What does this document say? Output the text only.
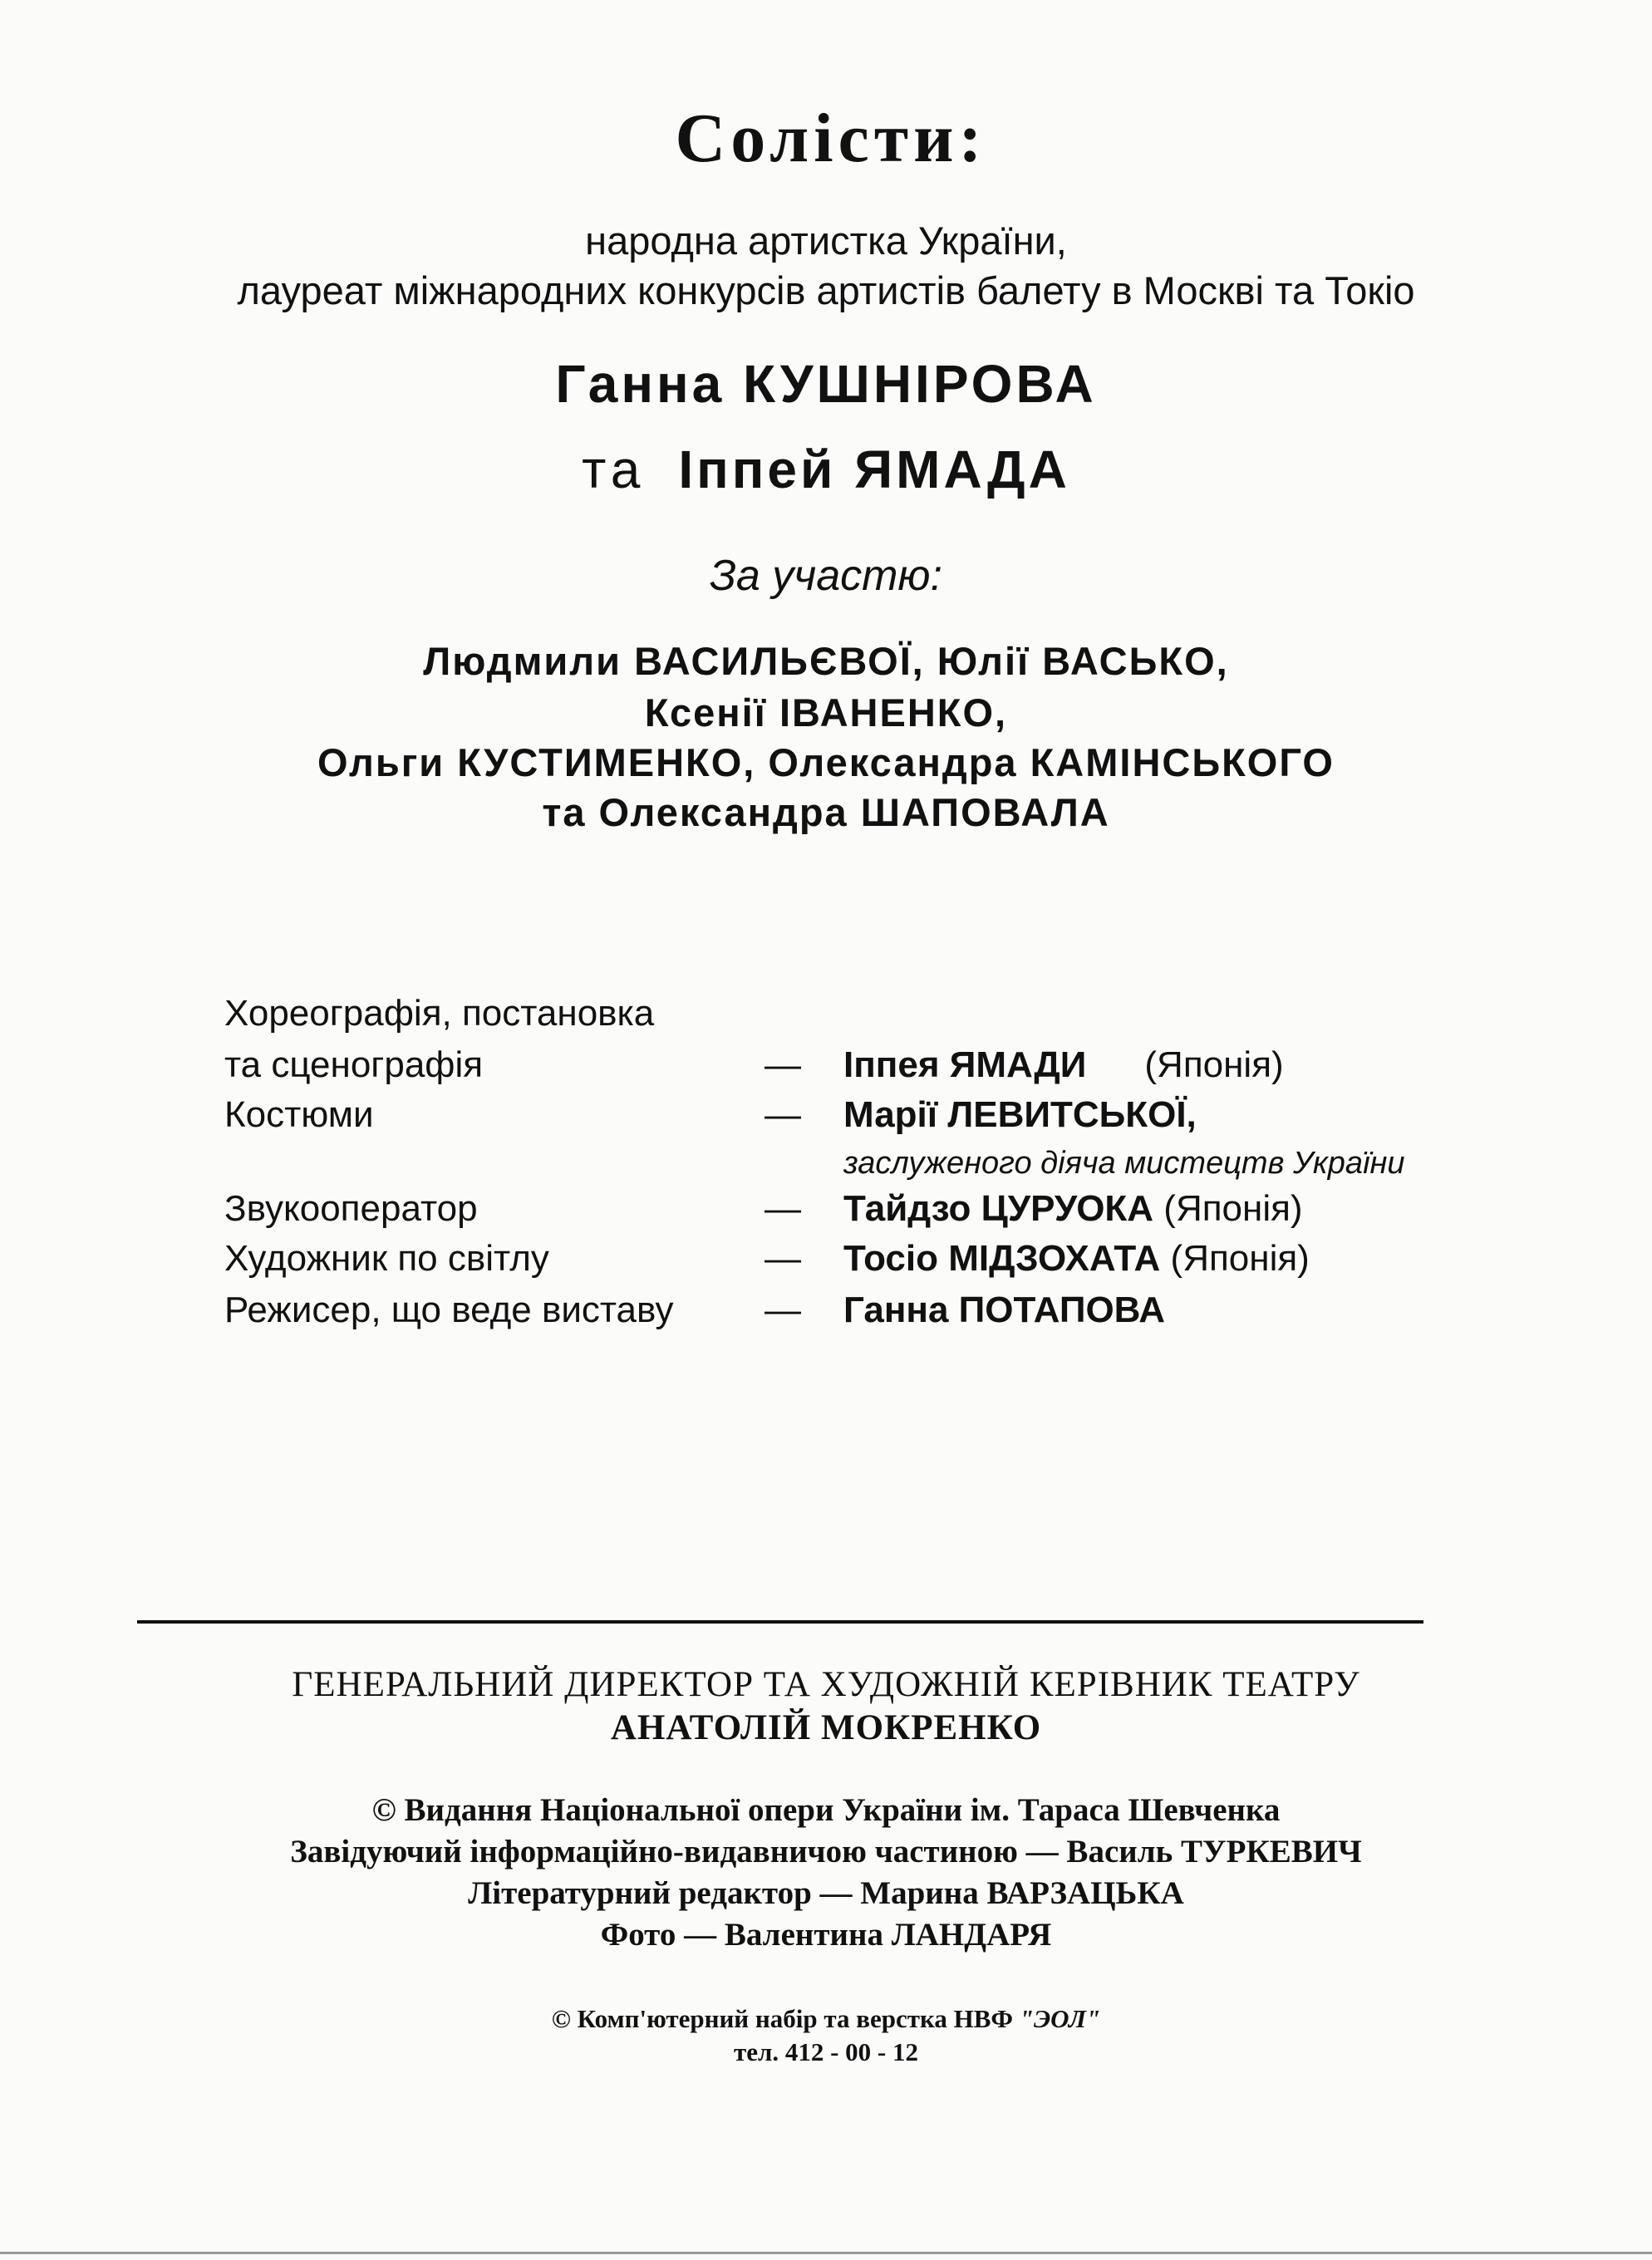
Солісти:
народна артистка України,
лауреат міжнародних конкурсів артистів балету в Москві та Токіо
Ганна КУШНІРОВА
та Іппей ЯМАДА
За участю:
Людмили ВАСИЛЬЄВОЇ, Юлії ВАСЬКО,
Ксенії ІВАНЕНКО,
Ольги КУСТИМЕНКО, Олександра КАМІНСЬКОГО
та Олександра ШАПОВАЛА
Хореографія, постановка
та сценографія	— Іппея ЯМАДИ (Японія)
Костюми	— Марії ЛЕВИТСЬКОЇ,
заслуженого діяча мистецтв України
Звукооператор	— Тайдзо ЦУРУОКА (Японія)
Художник по світлу	— Тосіо МІДЗОХАТА (Японія)
Режисер, що веде виставу — Ганна ПОТАПОВА
ГЕНЕРАЛЬНИЙ ДИРЕКТОР ТА ХУДОЖНІЙ КЕРІВНИК ТЕАТРУ
АНАТОЛІЙ МОКРЕНКО
© Видання Національної опери України ім. Тараса Шевченка
Завідуючий інформаційно-видавничою частиною — Василь ТУРКЕВИЧ
Літературний редактор — Марина ВАРЗАЦЬКА
Фото — Валентина ЛАНДАРЯ
© Комп'ютерний набір та верстка НВФ "ЭОЛ"
тел. 412 - 00 - 12
